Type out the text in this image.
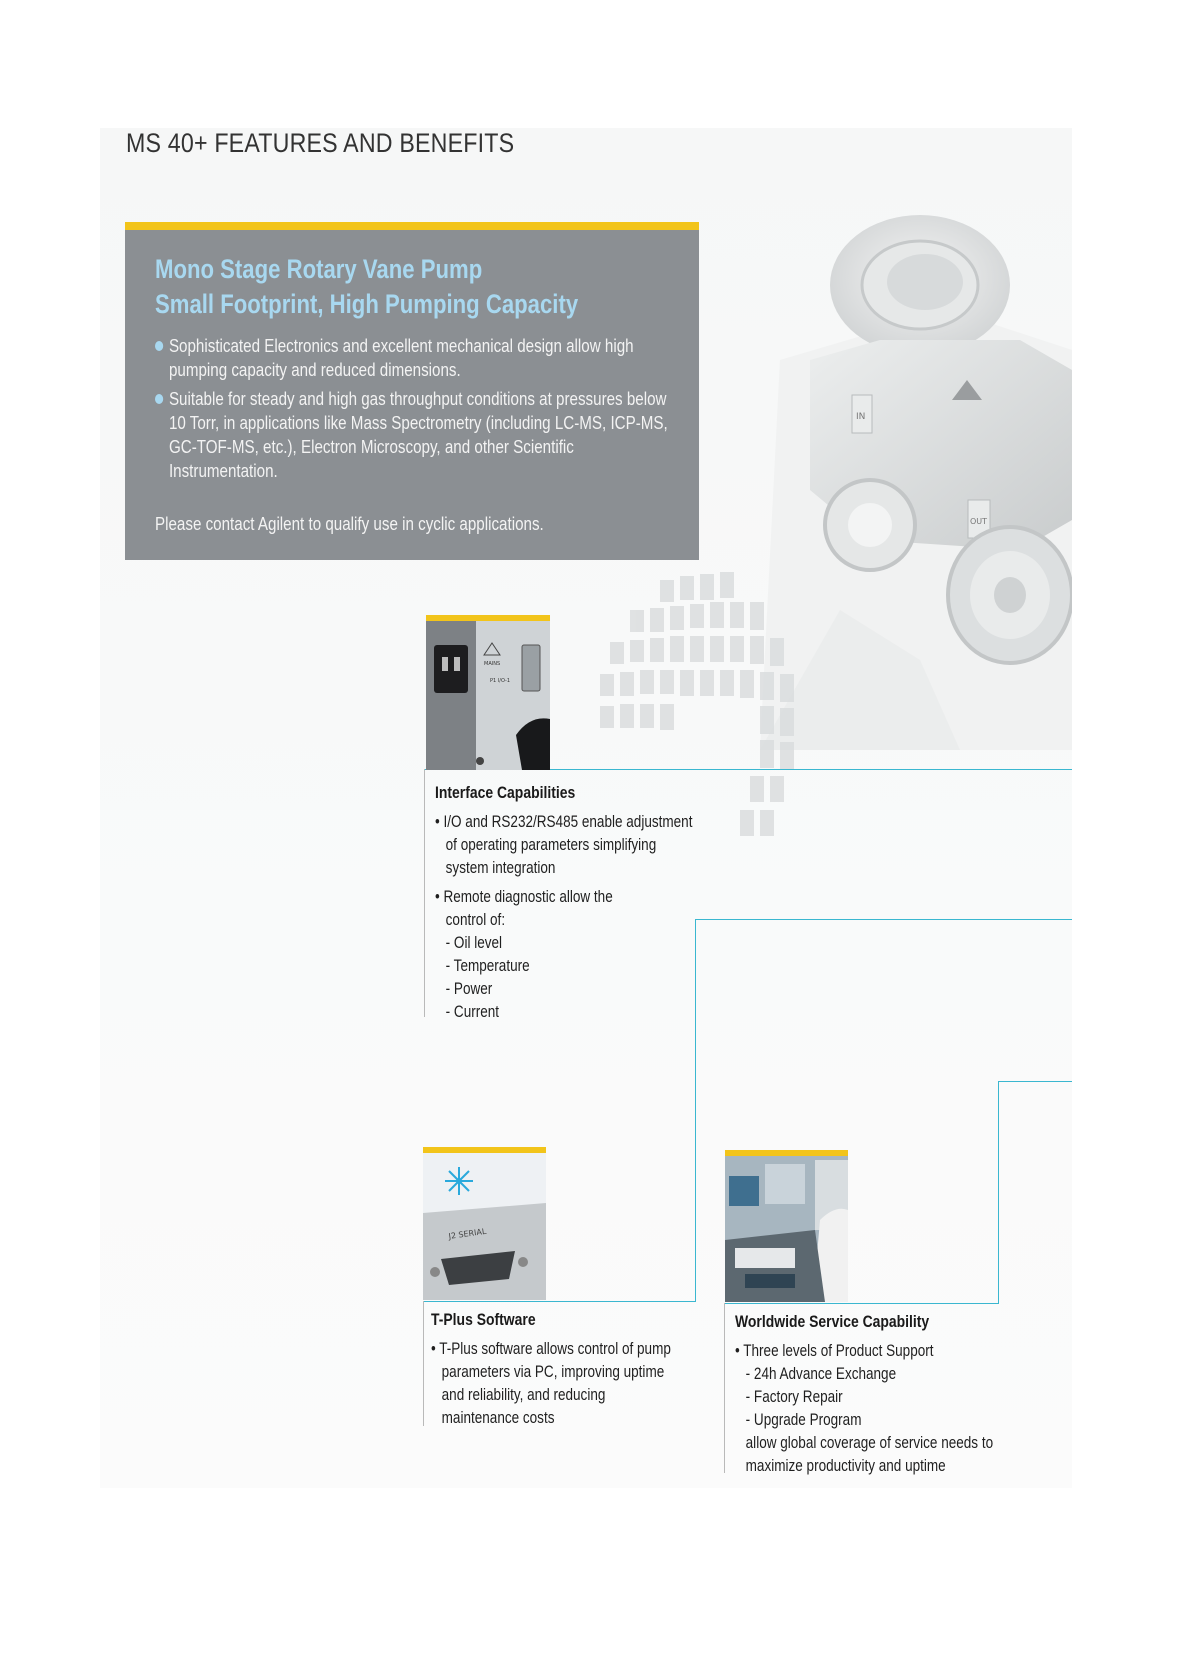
IN
OUT
MS 40+ FEATURES AND BENEFITS
Mono Stage Rotary Vane Pump
Small Footprint, High Pumping Capacity
Sophisticated Electronics and excellent mechanical design allow high pumping capacity and reduced dimensions.
Suitable for steady and high gas throughput conditions at pressures below 10 Torr, in applications like Mass Spectrometry (including LC-MS, ICP-MS, GC-TOF-MS, etc.), Electron Microscopy, and other Scientific Instrumentation.
Please contact Agilent to qualify use in cyclic applications.
MAINS
P1 I/O-1
Interface Capabilities
• I/O and RS232/RS485 enable adjustment
of operating parameters simplifying
system integration
• Remote diagnostic allow the
control of:
- Oil level
- Temperature
- Power
- Current
J2 SERIAL
T-Plus Software
• T-Plus software allows control of pump
parameters via PC, improving uptime
and reliability, and reducing
maintenance costs
Worldwide Service Capability
• Three levels of Product Support
- 24h Advance Exchange
- Factory Repair
- Upgrade Program
allow global coverage of service needs to
maximize productivity and uptime
